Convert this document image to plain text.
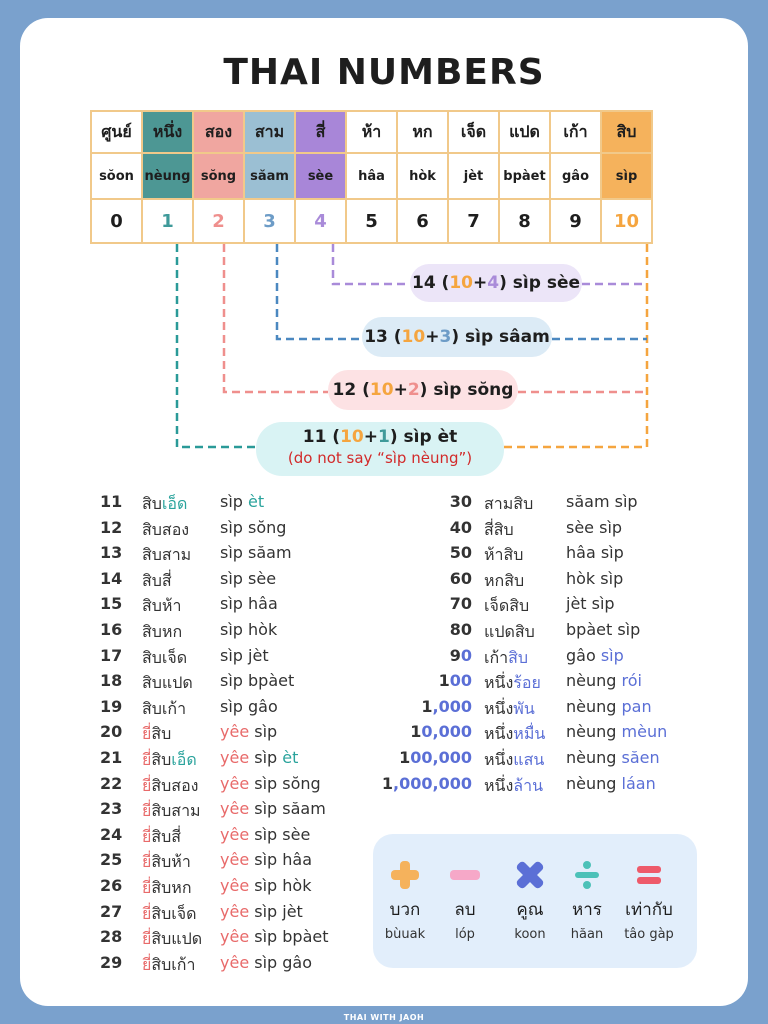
THAI NUMBERS
ศูนย์	หนึ่ง	สอง	สาม	สี่	ห้า	หก	เจ็ด	แปด	เก้า	สิบ
sŏon	nèung	sŏng	săam	sèe	hâa	hòk	jèt	bpàet	gâo	sìp
0	1	2	3	4	5	6	7	8	9	10
14 (10+4) sìp sèe
13 (10+3) sìp sâam
12 (10+2) sìp sŏng
11 (10+1) sìp èt
(do not say “sìp nèung”)
11 สิบเอ็ด sìp èt
12 สิบสอง sìp sŏng
13 สิบสาม sìp săam
14 สิบสี่	sìp sèe
15 สิบห้า sìp hâa
16 สิบหก sìp hòk
17 สิบเจ็ด sìp jèt
18 สิบแปด sìp bpàet
19 สิบเก้า sìp gâo
20 ยี่สิบ	yêe sìp
21 ยี่สิบเอ็ด yêe sìp èt
22 ยี่สิบสอง yêe sìp sŏng
23 ยี่สิบสาม yêe sìp săam
24 ยี่สิบสี่ yêe sìp sèe
25 ยี่สิบห้า yêe sìp hâa
26 ยี่สิบหก yêe sìp hòk
27 ยี่สิบเจ็ด yêe sìp jèt
28 ยี่สิบแปด yêe sìp bpàet
29 ยี่สิบเก้า yêe sìp gâo
30 สามสิบ săam sìp
40 สี่สิบ	sèe sìp
50 ห้าสิบ	hâa sìp
60 หกสิบ	hòk sìp
70 เจ็ดสิบ jèt sìp
80 แปดสิบ bpàet sìp
90 เก้าสิบ gâo sìp
100 หนึ่งร้อย nèung rói
1,000 หนึ่งพัน nèung pan
10,000 หนึ่งหมื่น nèung mèun
100,000 หนึ่งแสน nèung săen
1,000,000 หนึ่งล้าน nèung láan
บวก
bùuak
ลบ
lóp
คูณ
koon
หาร
hăan
เท่ากับ
tâo gàp
THAI WITH JAOH
